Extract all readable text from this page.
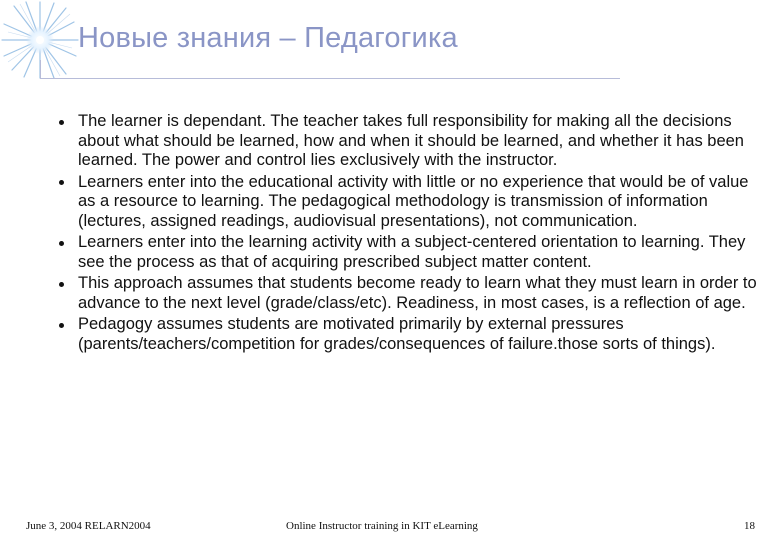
Новые знания – Педагогика
The learner is dependant. The teacher takes full responsibility for making all the decisions about what should be learned, how and when it should be learned, and whether it has been learned. The power and control lies exclusively with the instructor.
Learners enter into the educational activity with little or no experience that would be of value as a resource to learning. The pedagogical methodology is transmission of information (lectures, assigned readings, audiovisual presentations), not communication.
Learners enter into the learning activity with a subject-centered orientation to learning. They see the process as that of acquiring prescribed subject matter content.
This approach assumes that students become ready to learn what they must learn in order to advance to the next level (grade/class/etc). Readiness, in most cases, is a reflection of age.
Pedagogy assumes students are motivated primarily by external pressures (parents/teachers/competition for grades/consequences of failure.those sorts of things).
June 3, 2004 RELARN2004	Online Instructor training in KIT eLearning	18
